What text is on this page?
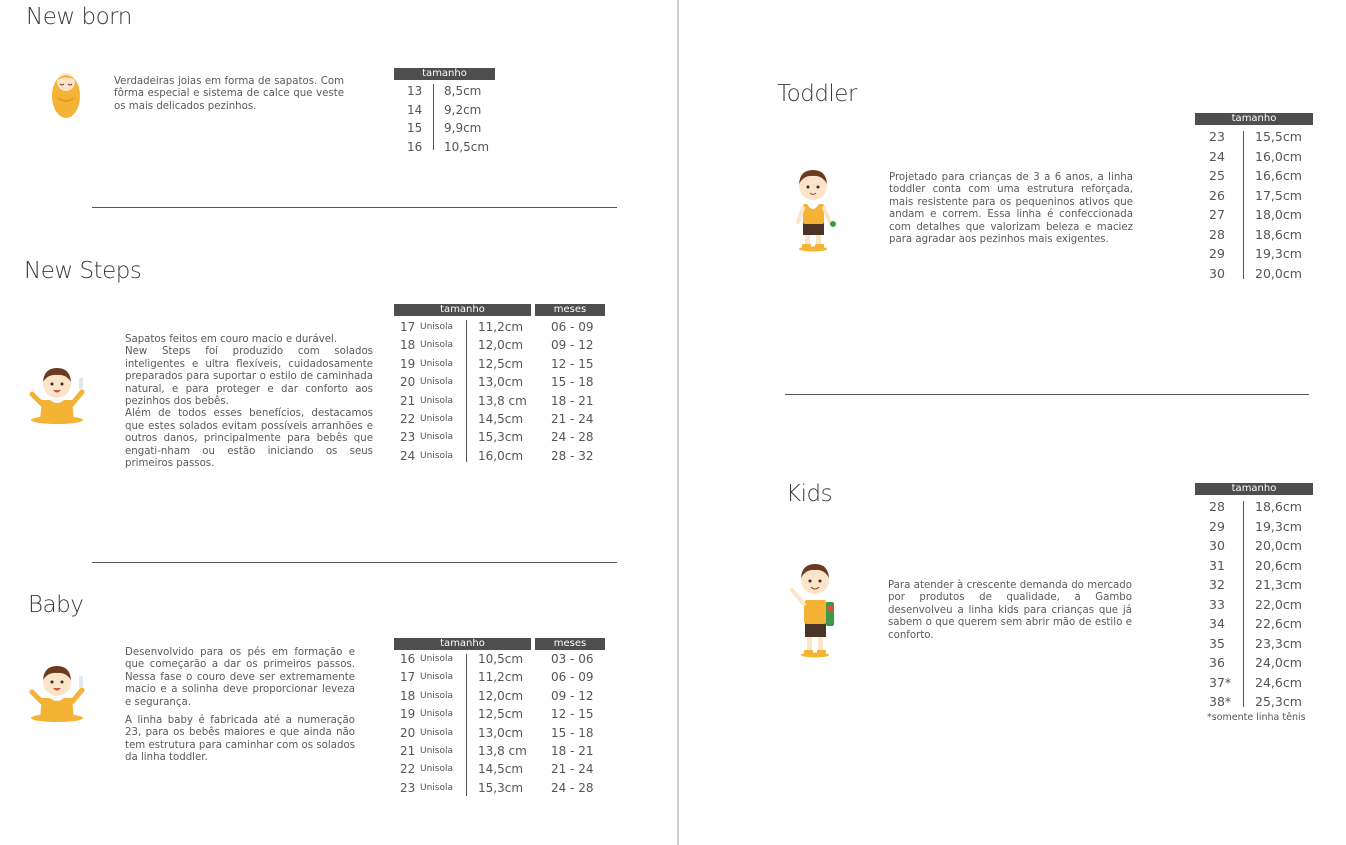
New born
Verdadeiras joias em forma de sapatos. Com fôrma especial e sistema de calce que veste os mais delicados pezinhos.
tamanho
13 8,5cm
14 9,2cm
15 9,9cm
16 10,5cm
New Steps

Sapatos feitos em couro macio e durável.

New Steps foi produzido com solados inteligentes e ultra flexíveis, cuidadosamente preparados para suportar o estilo de caminhada natural, e para proteger e dar conforto aos pezinhos dos bebês.

Além de todos esses benefícios, destacamos que estes solados evitam possíveis arranhões e outros danos, principalmente para bebês que engati-nham ou estão iniciando os seus primeiros passos.

tamanho	meses
17 Unisola 11,2cm 06 - 09
18 Unisola 12,0cm 09 - 12
19 Unisola 12,5cm 12 - 15
20 Unisola 13,0cm 15 - 18
21 Unisola 13,8 cm 18 - 21
22 Unisola 14,5cm 21 - 24
23 Unisola 15,3cm 24 - 28
24 Unisola 16,0cm 28 - 32
Baby

Desenvolvido para os pés em formação e que começarão a dar os primeiros passos. Nessa fase o couro deve ser extremamente macio e a solinha deve proporcionar leveza e segurança.

A linha baby é fabricada até a numeração 23, para os bebês maiores e que ainda não tem estrutura para caminhar com os solados da linha toddler.

tamanho	meses
16 Unisola 10,5cm 03 - 06
17 Unisola 11,2cm 06 - 09
18 Unisola 12,0cm 09 - 12
19 Unisola 12,5cm 12 - 15
20 Unisola 13,0cm 15 - 18
21 Unisola 13,8 cm 18 - 21
22 Unisola 14,5cm 21 - 24
23 Unisola 15,3cm 24 - 28
Toddler
Projetado para crianças de 3 a 6 anos, a linha toddler conta com uma estrutura reforçada, mais resistente para os pequeninos ativos que andam e correm. Essa linha é confeccionada com detalhes que valorizam beleza e maciez para agradar aos pezinhos mais exigentes.
tamanho
23 15,5cm
24 16,0cm
25 16,6cm
26 17,5cm
27 18,0cm
28 18,6cm
29 19,3cm
30 20,0cm
Kids
Para atender à crescente demanda do mercado por produtos de qualidade, a Gambo desenvolveu a linha kids para crianças que já sabem o que querem sem abrir mão de estilo e conforto.
tamanho
28 18,6cm
29 19,3cm
30 20,0cm
31 20,6cm
32 21,3cm
33 22,0cm
34 22,6cm
35 23,3cm
36 24,0cm
37* 24,6cm
38* 25,3cm
*somente linha tênis
